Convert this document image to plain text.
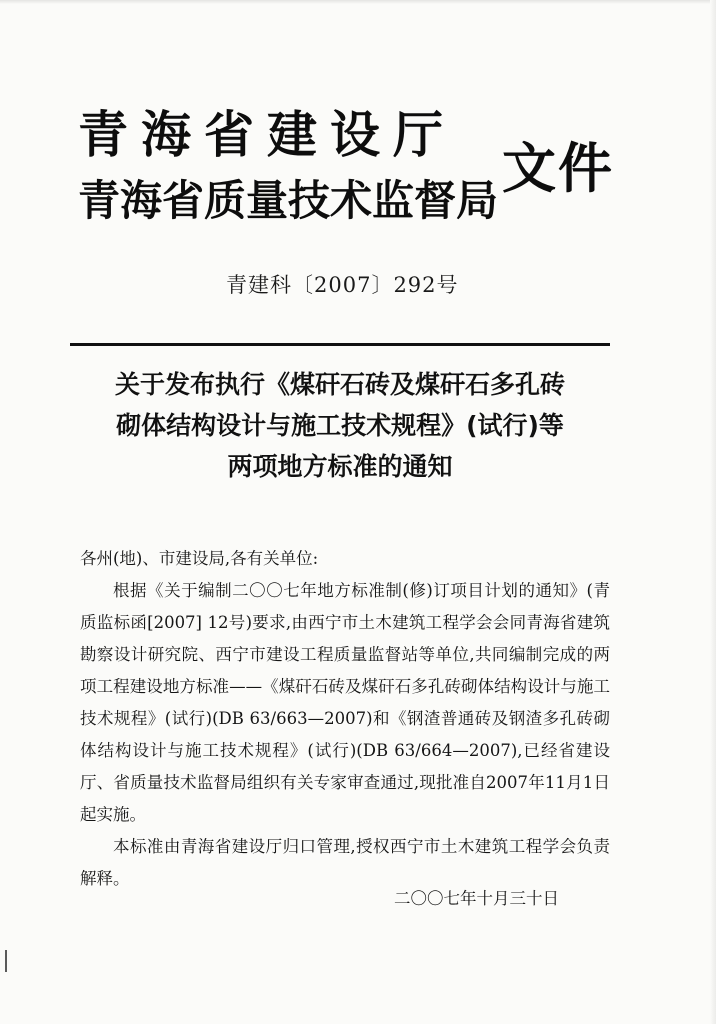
青海省建设厅
青海省质量技术监督局
文件
青建科〔2007〕292号
关于发布执行《煤矸石砖及煤矸石多孔砖
砌体结构设计与施工技术规程》(试行)等
两项地方标准的通知
各州(地)、市建设局,各有关单位:

根据《关于编制二〇〇七年地方标准制(修)订项目计划的通知》(青质监标函[2007] 12号)要求,由西宁市土木建筑工程学会会同青海省建筑勘察设计研究院、西宁市建设工程质量监督站等单位,共同编制完成的两项工程建设地方标准——《煤矸石砖及煤矸石多孔砖砌体结构设计与施工技术规程》(试行)(DB 63/663—2007)和《钢渣普通砖及钢渣多孔砖砌体结构设计与施工技术规程》(试行)(DB 63/664—2007),已经省建设厅、省质量技术监督局组织有关专家审查通过,现批准自2007年11月1日起实施。

本标准由青海省建设厅归口管理,授权西宁市土木建筑工程学会负责解释。

二〇〇七年十月三十日
